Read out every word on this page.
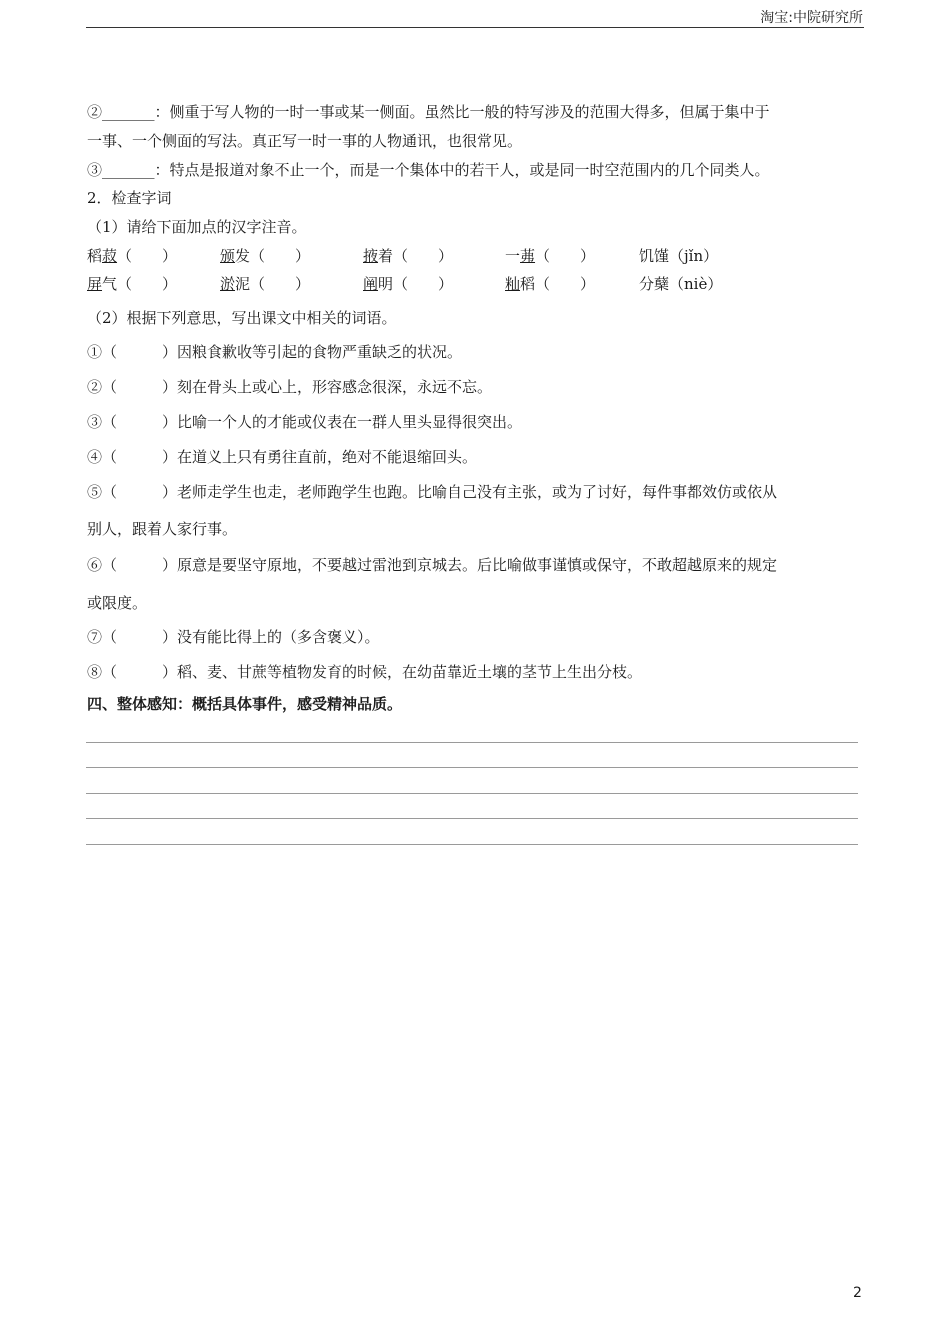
淘宝:中院研究所
②_______：侧重于写人物的一时一事或某一侧面。虽然比一般的特写涉及的范围大得多，但属于集中于
一事、一个侧面的写法。真正写一时一事的人物通讯，也很常见。
③_______：特点是报道对象不止一个，而是一个集体中的若干人，或是同一时空范围内的几个同类人。
2．检查字词
（1）请给下面加点的汉字注音。
稻菽（　　）	颁发（　　）	掖着（　　）	一茀（　　）	饥馑（jǐn）
屏气（　　）	淤泥（　　）	阐明（　　）	籼稻（　　）	分蘖（niè）
（2）根据下列意思，写出课文中相关的词语。
①（　　　）因粮食歉收等引起的食物严重缺乏的状况。
②（　　　）刻在骨头上或心上，形容感念很深，永远不忘。
③（　　　）比喻一个人的才能或仪表在一群人里头显得很突出。
④（　　　）在道义上只有勇往直前，绝对不能退缩回头。
⑤（　　　）老师走学生也走，老师跑学生也跑。比喻自己没有主张，或为了讨好，每件事都效仿或依从
别人，跟着人家行事。
⑥（　　　）原意是要坚守原地，不要越过雷池到京城去。后比喻做事谨慎或保守，不敢超越原来的规定
或限度。
⑦（　　　）没有能比得上的（多含褒义）。
⑧（　　　）稻、麦、甘蔗等植物发育的时候，在幼苗靠近土壤的茎节上生出分枝。
四、整体感知：概括具体事件，感受精神品质。
2
